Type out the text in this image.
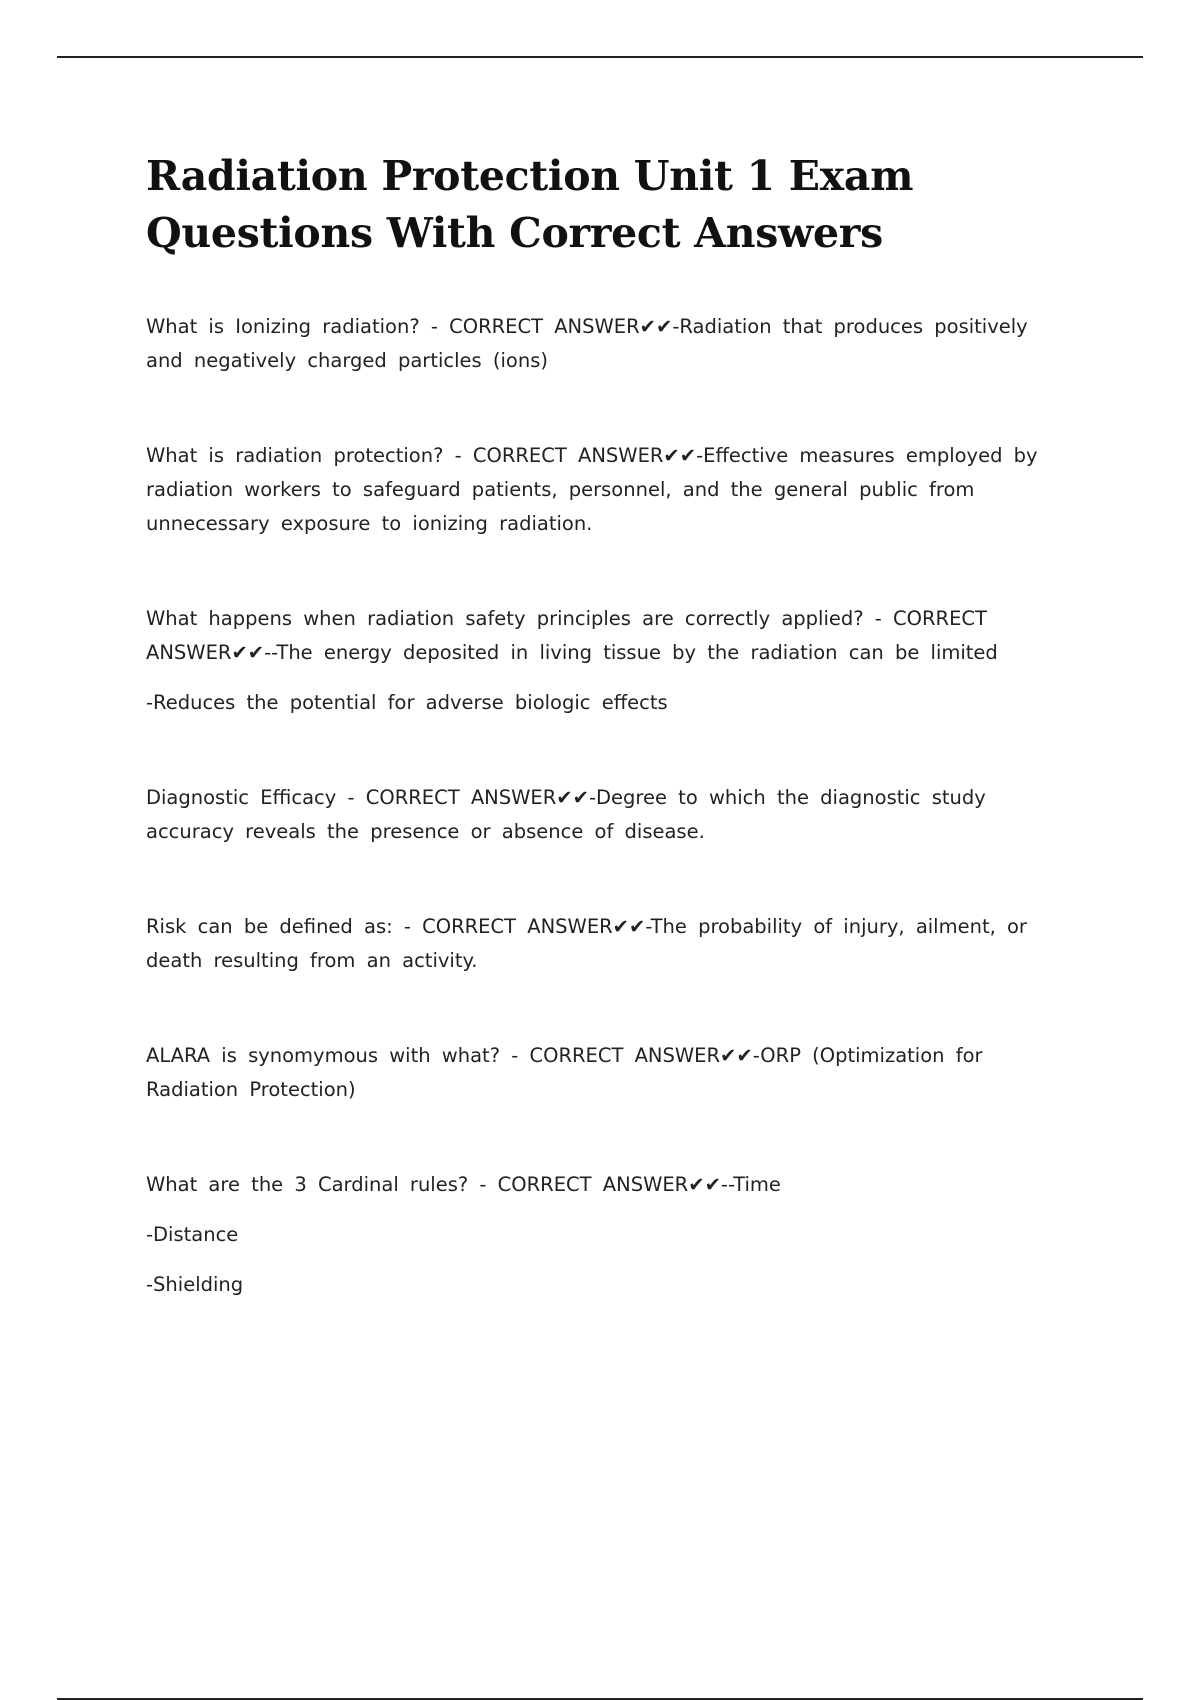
Radiation Protection Unit 1 Exam Questions With Correct Answers

What is Ionizing radiation? - CORRECT ANSWER✔✔-Radiation that produces positively and negatively charged particles (ions)

What is radiation protection? - CORRECT ANSWER✔✔-Effective measures employed by radiation workers to safeguard patients, personnel, and the general public from unnecessary exposure to ionizing radiation.

What happens when radiation safety principles are correctly applied? - CORRECT ANSWER✔✔--The energy deposited in living tissue by the radiation can be limited

-Reduces the potential for adverse biologic effects

Diagnostic Efficacy - CORRECT ANSWER✔✔-Degree to which the diagnostic study accuracy reveals the presence or absence of disease.

Risk can be defined as: - CORRECT ANSWER✔✔-The probability of injury, ailment, or death resulting from an activity.

ALARA is synomymous with what? - CORRECT ANSWER✔✔-ORP (Optimization for Radiation Protection)

What are the 3 Cardinal rules? - CORRECT ANSWER✔✔--Time

-Distance

-Shielding
